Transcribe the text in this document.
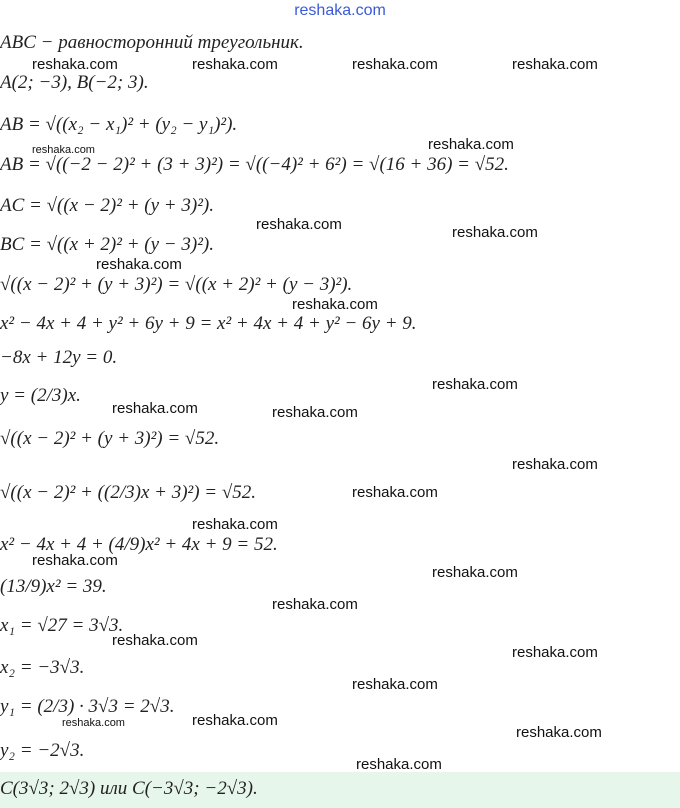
reshaka.com
ABC − равносторонний треугольник.
A(2; −3), B(−2; 3).
AB = √((x₂ − x₁)² + (y₂ − y₁)²).
AB = √((−2 − 2)² + (3 + 3)²) = √((−4)² + 6²) = √(16 + 36) = √52.
AC = √((x − 2)² + (y + 3)²).
BC = √((x + 2)² + (y − 3)²).
√((x − 2)² + (y + 3)²) = √((x + 2)² + (y − 3)²).
x² − 4x + 4 + y² + 6y + 9 = x² + 4x + 4 + y² − 6y + 9.
−8x + 12y = 0.
y = (2/3)x.
√((x − 2)² + (y + 3)²) = √52.
√((x − 2)² + ((2/3)x + 3)²) = √52.
x² − 4x + 4 + (4/9)x² + 4x + 9 = 52.
(13/9)x² = 39.
x₁ = √27 = 3√3.
x₂ = −3√3.
y₁ = (2/3) · 3√3 = 2√3.
y₂ = −2√3.
C(3√3; 2√3) или C(−3√3; −2√3).
reshaka.com	reshaka.com	reshaka.com	reshaka.com
reshaka.com
reshaka.com
reshaka.com	reshaka.com
reshaka.com
reshaka.com
reshaka.com
reshaka.com	reshaka.com
reshaka.com
reshaka.com
reshaka.com
reshaka.com
reshaka.com
reshaka.com
reshaka.com
reshaka.com
reshaka.com
reshaka.com
reshaka.com
reshaka.com
reshaka.com
